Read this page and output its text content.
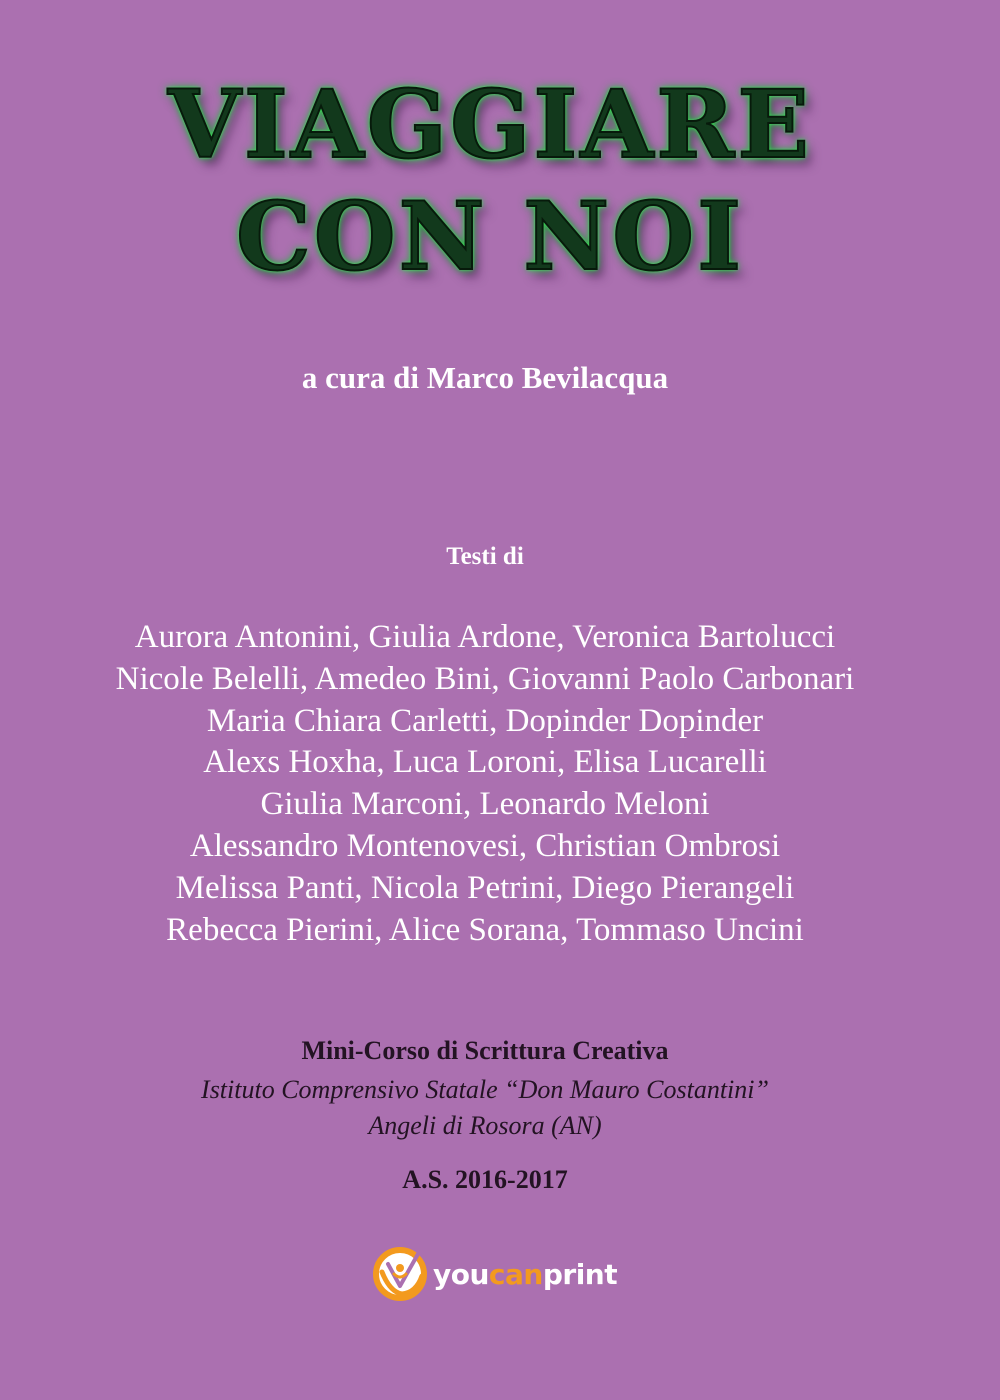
VIAGGIARE
CON NOI
a cura di Marco Bevilacqua
Testi di
Aurora Antonini, Giulia Ardone, Veronica Bartolucci
Nicole Belelli, Amedeo Bini, Giovanni Paolo Carbonari
Maria Chiara Carletti, Dopinder Dopinder
Alexs Hoxha, Luca Loroni, Elisa Lucarelli
Giulia Marconi, Leonardo Meloni
Alessandro Montenovesi, Christian Ombrosi
Melissa Panti, Nicola Petrini, Diego Pierangeli
Rebecca Pierini, Alice Sorana, Tommaso Uncini
Mini-Corso di Scrittura Creativa
Istituto Comprensivo Statale “Don Mauro Costantini”
Angeli di Rosora (AN)
A.S. 2016-2017
youcanprint
